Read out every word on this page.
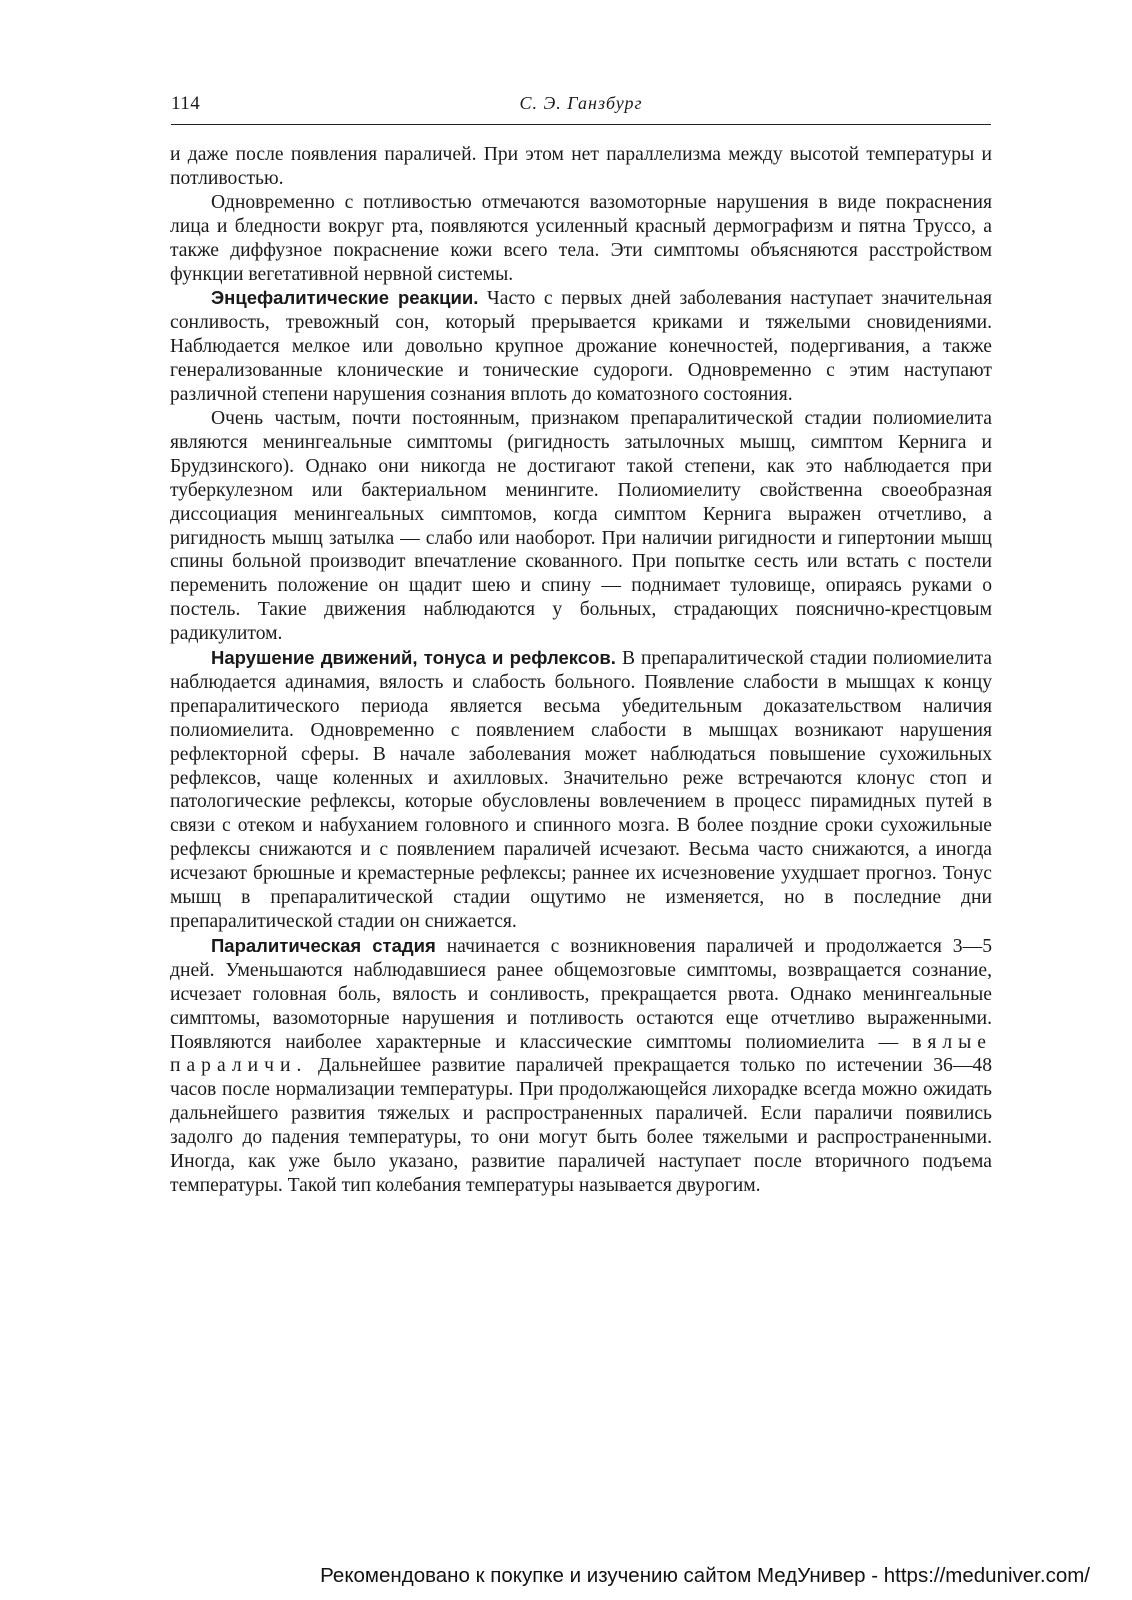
114	С. Э. Ганзбург

и даже после появления параличей. При этом нет параллелизма между высотой температуры и потливостью.

Одновременно с потливостью отмечаются вазомоторные нарушения в виде покраснения лица и бледности вокруг рта, появляются усиленный красный дермографизм и пятна Труссо, а также диффузное покраснение кожи всего тела. Эти симптомы объясняются расстройством функции вегетативной нервной системы.

Энцефалитические реакции. Часто с первых дней заболевания наступает значительная сонливость, тревожный сон, который прерывается криками и тяжелыми сновидениями. Наблюдается мелкое или довольно крупное дрожание конечностей, подергивания, а также генерализованные клонические и тонические судороги. Одновременно с этим наступают различной степени нарушения сознания вплоть до коматозного состояния.

Очень частым, почти постоянным, признаком препаралитической стадии полиомиелита являются менингеальные симптомы (ригидность затылочных мышц, симптом Кернига и Брудзинского). Однако они никогда не достигают такой степени, как это наблюдается при туберкулезном или бактериальном менингите. Полиомиелиту свойственна своеобразная диссоциация менингеальных симптомов, когда симптом Кернига выражен отчетливо, а ригидность мышц затылка — слабо или наоборот. При наличии ригидности и гипертонии мышц спины больной производит впечатление скованного. При попытке сесть или встать с постели переменить положение он щадит шею и спину — поднимает туловище, опираясь руками о постель. Такие движения наблюдаются у больных, страдающих пояснично-крестцовым радикулитом.

Нарушение движений, тонуса и рефлексов. В препаралитической стадии полиомиелита наблюдается адинамия, вялость и слабость больного. Появление слабости в мышцах к концу препаралитического периода является весьма убедительным доказательством наличия полиомиелита. Одновременно с появлением слабости в мышцах возникают нарушения рефлекторной сферы. В начале заболевания может наблюдаться повышение сухожильных рефлексов, чаще коленных и ахилловых. Значительно реже встречаются клонус стоп и патологические рефлексы, которые обусловлены вовлечением в процесс пирамидных путей в связи с отеком и набуханием головного и спинного мозга. В более поздние сроки сухожильные рефлексы снижаются и с появлением параличей исчезают. Весьма часто снижаются, а иногда исчезают брюшные и кремастерные рефлексы; раннее их исчезновение ухудшает прогноз. Тонус мышц в препаралитической стадии ощутимо не изменяется, но в последние дни препаралитической стадии он снижается.

Паралитическая стадия начинается с возникновения параличей и продолжается 3—5 дней. Уменьшаются наблюдавшиеся ранее общемозговые симптомы, возвращается сознание, исчезает головная боль, вялость и сонливость, прекращается рвота. Однако менингеальные симптомы, вазомоторные нарушения и потливость остаются еще отчетливо выраженными. Появляются наиболее характерные и классические симптомы полиомиелита — вялые параличи. Дальнейшее развитие параличей прекращается только по истечении 36—48 часов после нормализации температуры. При продолжающейся лихорадке всегда можно ожидать дальнейшего развития тяжелых и распространенных параличей. Если параличи появились задолго до падения температуры, то они могут быть более тяжелыми и распространенными. Иногда, как уже было указано, развитие параличей наступает после вторичного подъема температуры. Такой тип колебания температуры называется двурогим.

Рекомендовано к покупке и изучению сайтом МедУнивер - https://meduniver.com/
